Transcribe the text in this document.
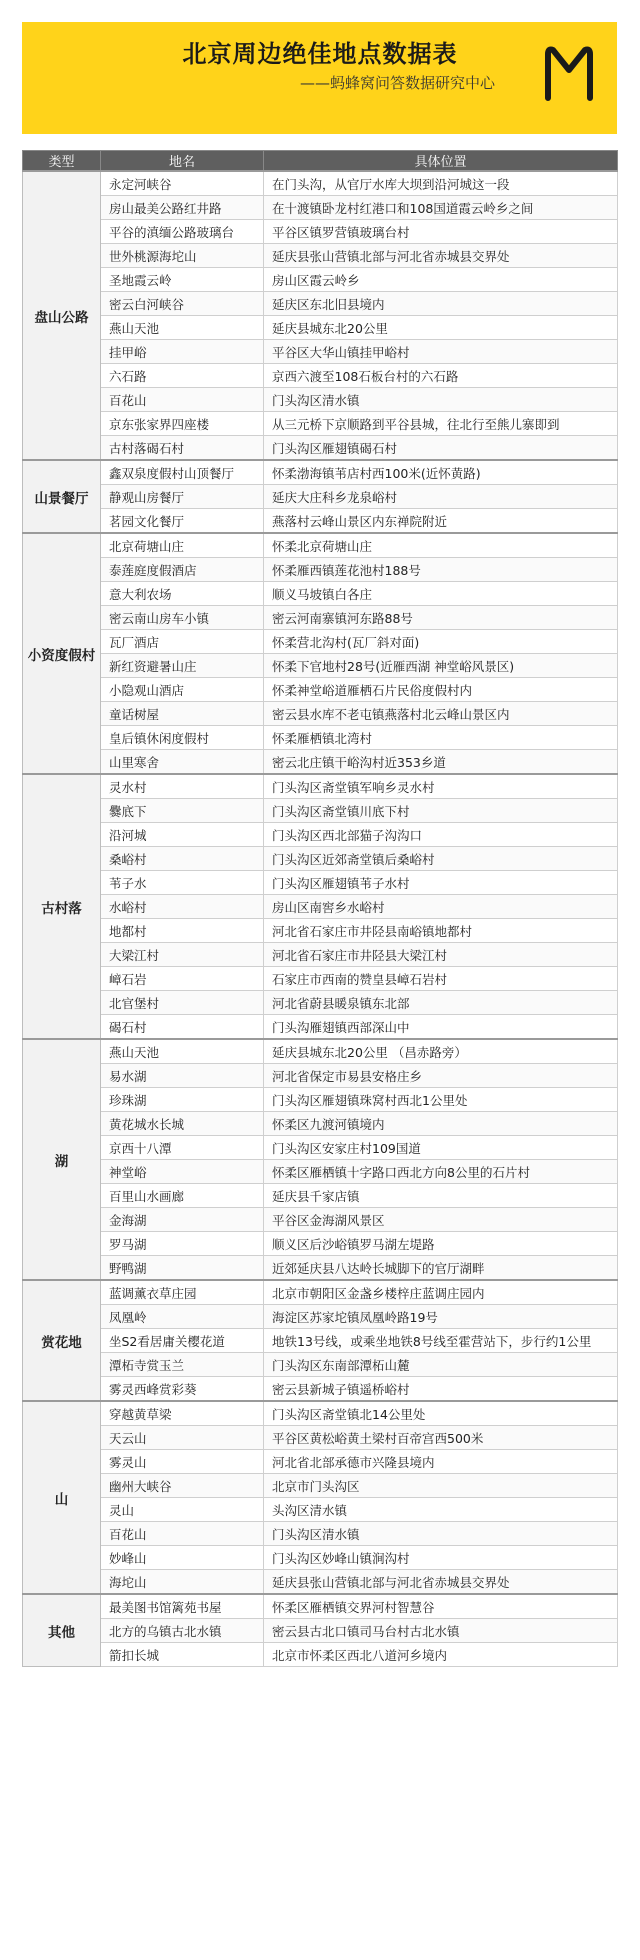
北京周边绝佳地点数据表
——蚂蜂窝问答数据研究中心
类型	地名	具体位置
盘山公路	永定河峡谷	在门头沟，从官厅水库大坝到沿河城这一段
	房山最美公路红井路	在十渡镇卧龙村红港口和108国道霞云岭乡之间
	平谷的滇缅公路玻璃台	平谷区镇罗营镇玻璃台村
	世外桃源海坨山	延庆县张山营镇北部与河北省赤城县交界处
	圣地霞云岭	房山区霞云岭乡
	密云白河峡谷	延庆区东北旧县境内
	燕山天池	延庆县城东北20公里
	挂甲峪	平谷区大华山镇挂甲峪村
	六石路	京西六渡至108石板台村的六石路
	百花山	门头沟区清水镇
	京东张家界四座楼	从三元桥下京顺路到平谷县城，往北行至熊儿寨即到
	古村落碣石村	门头沟区雁翅镇碣石村
山景餐厅	鑫双泉度假村山顶餐厅	怀柔渤海镇苇店村西100米(近怀黄路)
	静观山房餐厅	延庆大庄科乡龙泉峪村
	茗园文化餐厅	燕落村云峰山景区内东禅院附近
小资度假村	北京荷塘山庄	怀柔北京荷塘山庄
	泰莲庭度假酒店	怀柔雁西镇莲花池村188号
	意大利农场	顺义马坡镇白各庄
	密云南山房车小镇	密云河南寨镇河东路88号
	瓦厂酒店	怀柔营北沟村(瓦厂斜对面)
	新红资避暑山庄	怀柔下官地村28号(近雁西湖 神堂峪风景区)
	小隐观山酒店	怀柔神堂峪道雁栖石片民俗度假村内
	童话树屋	密云县水库不老屯镇燕落村北云峰山景区内
	皇后镇休闲度假村	怀柔雁栖镇北湾村
	山里寒舍	密云北庄镇干峪沟村近353乡道
古村落	灵水村	门头沟区斋堂镇军响乡灵水村
	爨底下	门头沟区斋堂镇川底下村
	沿河城	门头沟区西北部猫子沟沟口
	桑峪村	门头沟区近郊斋堂镇后桑峪村
	苇子水	门头沟区雁翅镇苇子水村
	水峪村	房山区南窖乡水峪村
	地都村	河北省石家庄市井陉县南峪镇地都村
	大梁江村	河北省石家庄市井陉县大梁江村
	嶂石岩	石家庄市西南的赞皇县嶂石岩村
	北官堡村	河北省蔚县暖泉镇东北部
	碣石村	门头沟雁翅镇西部深山中
湖	燕山天池	延庆县城东北20公里 （昌赤路旁）
	易水湖	河北省保定市易县安格庄乡
	珍珠湖	门头沟区雁翅镇珠窝村西北1公里处
	黄花城水长城	怀柔区九渡河镇境内
	京西十八潭	门头沟区安家庄村109国道
	神堂峪	怀柔区雁栖镇十字路口西北方向8公里的石片村
	百里山水画廊	延庆县千家店镇
	金海湖	平谷区金海湖风景区
	罗马湖	顺义区后沙峪镇罗马湖左堤路
	野鸭湖	近郊延庆县八达岭长城脚下的官厅湖畔
赏花地	蓝调薰衣草庄园	北京市朝阳区金盏乡楼梓庄蓝调庄园内
	凤凰岭	海淀区苏家坨镇凤凰岭路19号
	坐S2看居庸关樱花道	地铁13号线，或乘坐地铁8号线至霍营站下，步行约1公里
	潭柘寺赏玉兰	门头沟区东南部潭柘山麓
	雾灵西峰赏彩葵	密云县新城子镇遥桥峪村
山	穿越黄草梁	门头沟区斋堂镇北14公里处
	天云山	平谷区黄松峪黄土梁村百帝宫西500米
	雾灵山	河北省北部承德市兴隆县境内
	幽州大峡谷	北京市门头沟区
	灵山	头沟区清水镇
	百花山	门头沟区清水镇
	妙峰山	门头沟区妙峰山镇涧沟村
	海坨山	延庆县张山营镇北部与河北省赤城县交界处
其他	最美图书馆篱苑书屋	怀柔区雁栖镇交界河村智慧谷
	北方的乌镇古北水镇	密云县古北口镇司马台村古北水镇
	箭扣长城	北京市怀柔区西北八道河乡境内
